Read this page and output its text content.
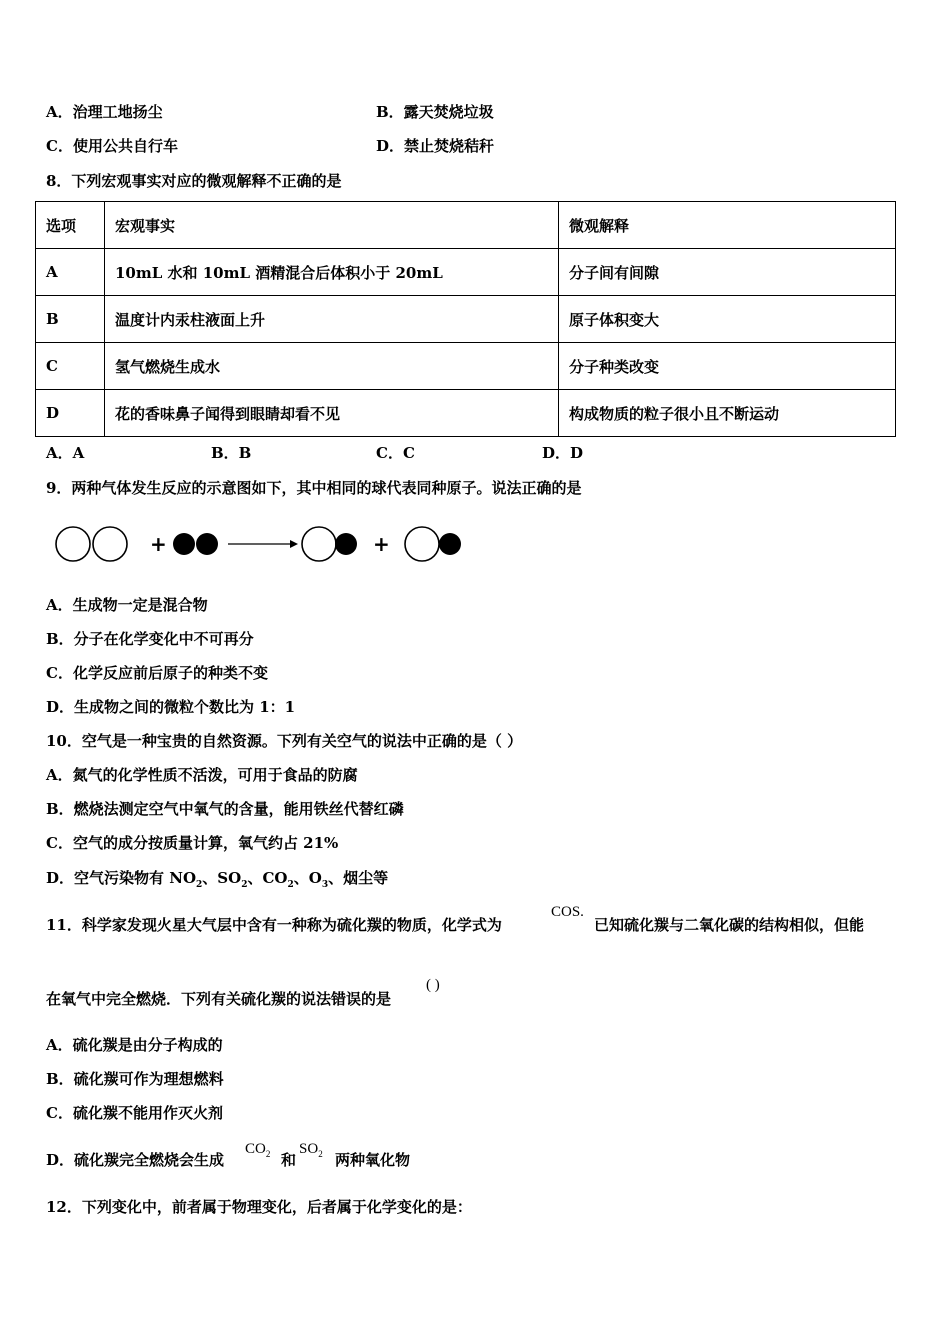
A．治理工地扬尘	B．露天焚烧垃圾
C．使用公共自行车	D．禁止焚烧秸秆
8．下列宏观事实对应的微观解释不正确的是
选项	宏观事实	微观解释
A	10mL 水和 10mL 酒精混合后体积小于 20mL	分子间有间隙
B	温度计内汞柱液面上升	原子体积变大
C	氢气燃烧生成水	分子种类改变
D	花的香味鼻子闻得到眼睛却看不见	构成物质的粒子很小且不断运动
A．A	B．B	C．C	D．D
9．两种气体发生反应的示意图如下，其中相同的球代表同种原子。说法正确的是
+	+
A．生成物一定是混合物
B．分子在化学变化中不可再分
C．化学反应前后原子的种类不变
D．生成物之间的微粒个数比为 1：1
10．空气是一种宝贵的自然资源。下列有关空气的说法中正确的是（ ）
A．氮气的化学性质不活泼，可用于食品的防腐
B．燃烧法测定空气中氧气的含量，能用铁丝代替红磷
C．空气的成分按质量计算，氧气约占 21%
D．空气污染物有 $NO_2$、$SO_2$、$CO_2$、$O_3$、烟尘等
11．科学家发现火星大气层中含有一种称为硫化羰的物质，化学式为
COS.
已知硫化羰与二氧化碳的结构相似，但能
在氧气中完全燃烧．下列有关硫化羰的说法错误的是
( )
A．硫化羰是由分子构成的
B．硫化羰可作为理想燃料
C．硫化羰不能用作灭火剂
D．硫化羰完全燃烧会生成
$CO_2$ 和
$SO_2$ 两种氧化物
12．下列变化中，前者属于物理变化，后者属于化学变化的是：
